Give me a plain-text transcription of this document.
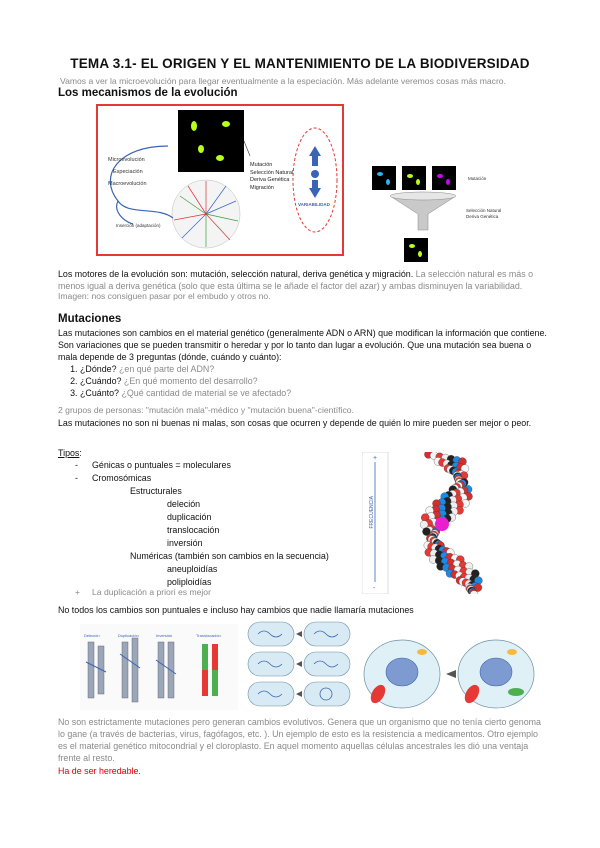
TEMA 3.1- EL ORIGEN Y EL MANTENIMIENTO DE LA BIODIVERSIDAD
Vamos a ver la microevolución para llegar eventualmente a la especiación. Más adelante veremos cosas más macro.
Los mecanismos de la evolución
Microevolución
Especiación
Macroevolución
Inserción (adaptación)
Mutación
Selección Natural
Deriva Genética
Migración
VARIABILIDAD
Mutación
Selección Natural
Deriva Genética
Los motores de la evolución son: mutación, selección natural, deriva genética y migración. La selección natural es más o menos igual a deriva genética (solo que esta última se le añade el factor del azar) y ambas disminuyen la variabilidad.
Imagen: nos consiguen pasar por el embudo y otros no.
Mutaciones
Las mutaciones son cambios en el material genético (generalmente ADN o ARN) que modifican la información que contiene. Son variaciones que se pueden transmitir o heredar y por lo tanto dan lugar a evolución. Que una mutación sea buena o mala depende de 3 preguntas (dónde, cuándo y cuánto):
1. ¿Dónde? ¿en qué parte del ADN?
2. ¿Cuándo? ¿En qué momento del desarrollo?
3. ¿Cuánto? ¿Qué cantidad de material se ve afectado?
2 grupos de personas: "mutación mala"-médico y "mutación buena"-científico.
Las mutaciones no son ni buenas ni malas, son cosas que ocurren y depende de quién lo mire pueden ser mejor o peor.
Tipos:
- Génicas o puntuales = moleculares
- Cromosómicas
Estructurales
deleción
duplicación
translocación
inversión
Numéricas (también son cambios en la secuencia)
aneuploidías
poliploidías
+ La duplicación a priori es mejor
+
-
FRECUENCIA
No todos los cambios son puntuales e incluso hay cambios que nadie llamaría mutaciones
Deleción	Duplicación	Inversión	Translocación
No son estrictamente mutaciones pero generan cambios evolutivos. Genera que un organismo que no tenía cierto genoma lo gane (a través de bacterias, virus, fagófagos, etc. ). Un ejemplo de esto es la resistencia a medicamentos. Otro ejemplo es el material genético mitocondrial y el cloroplasto. En aquel momento aquellas células ancestrales les dió una ventaja frente al resto.
Ha de ser heredable.
